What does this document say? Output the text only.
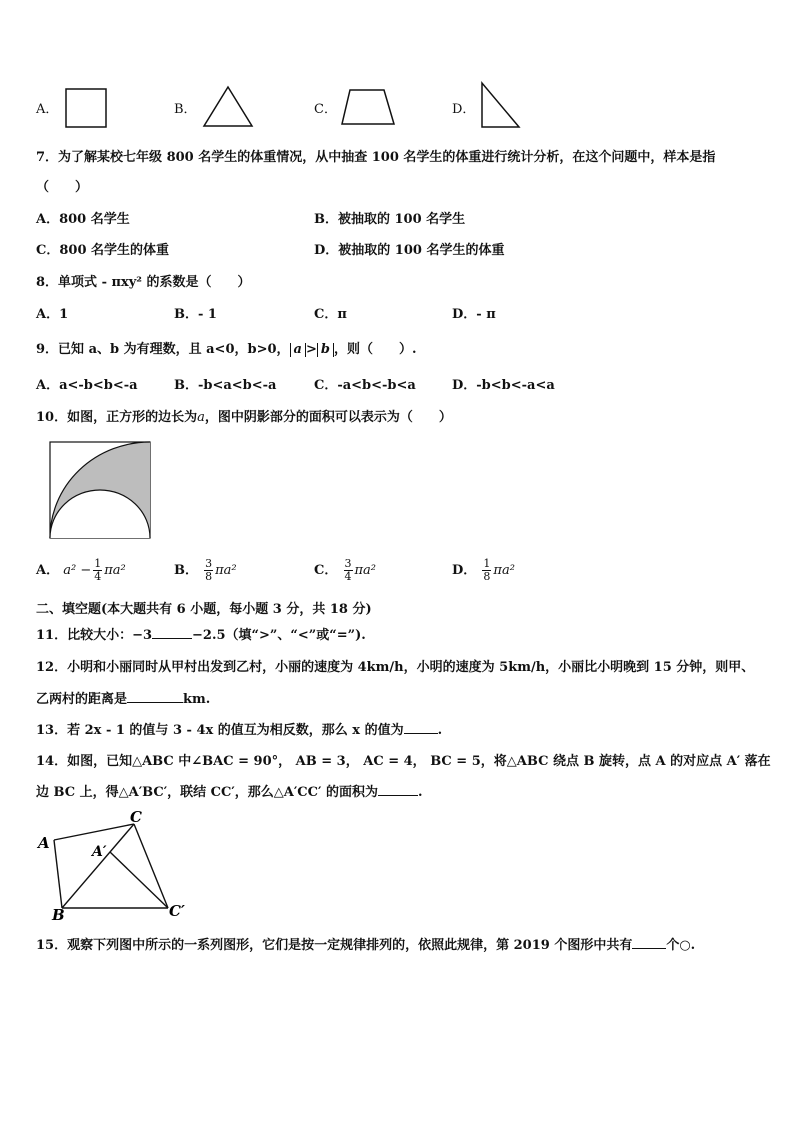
A．	B．	C．	D．
7．为了解某校七年级 800 名学生的体重情况，从中抽查 100 名学生的体重进行统计分析，在这个问题中，样本是指
（　　）
A．800 名学生	B．被抽取的 100 名学生
C．800 名学生的体重	D．被抽取的 100 名学生的体重
8．单项式 - πxy² 的系数是（　　）
A．1	B．- 1	C．π	D．- π
9．已知 a、b 为有理数，且 a<0，b>0， a > b ，则（　　）.
A．a<-b<b<-a	B．-b<a<b<-a	C．-a<b<-b<a	D．-b<b<-a<a
10．如图，正方形的边长为a，图中阴影部分的面积可以表示为（　　）
A． $a^2 - \frac{1}{4} \pi a^2$	B． $\frac{3}{8} \pi a^2$	C． $\frac{3}{4} \pi a^2$	D． $\frac{1}{8} \pi a^2$
二、填空题(本大题共有 6 小题，每小题 3 分，共 18 分)
11．比较大小：−3	−2.5（填“>”、“<”或“=”).
12．小明和小丽同时从甲村出发到乙村，小丽的速度为 4km/h，小明的速度为 5km/h，小丽比小明晚到 15 分钟，则甲、
乙两村的距离是	km.
13．若 2x - 1 的值与 3 - 4x 的值互为相反数，那么 x 的值为	.
14．如图，已知△ABC 中∠BAC = 90°， AB = 3， AC = 4， BC = 5，将△ABC 绕点 B 旋转，点 A 的对应点 A′ 落在
边 BC 上，得△A′BC′，联结 CC′，那么△A′CC′ 的面积为	.
A	A′
B
C
C′
15．观察下列图中所示的一系列图形，它们是按一定规律排列的，依照此规律，第 2019 个图形中共有	个○.
